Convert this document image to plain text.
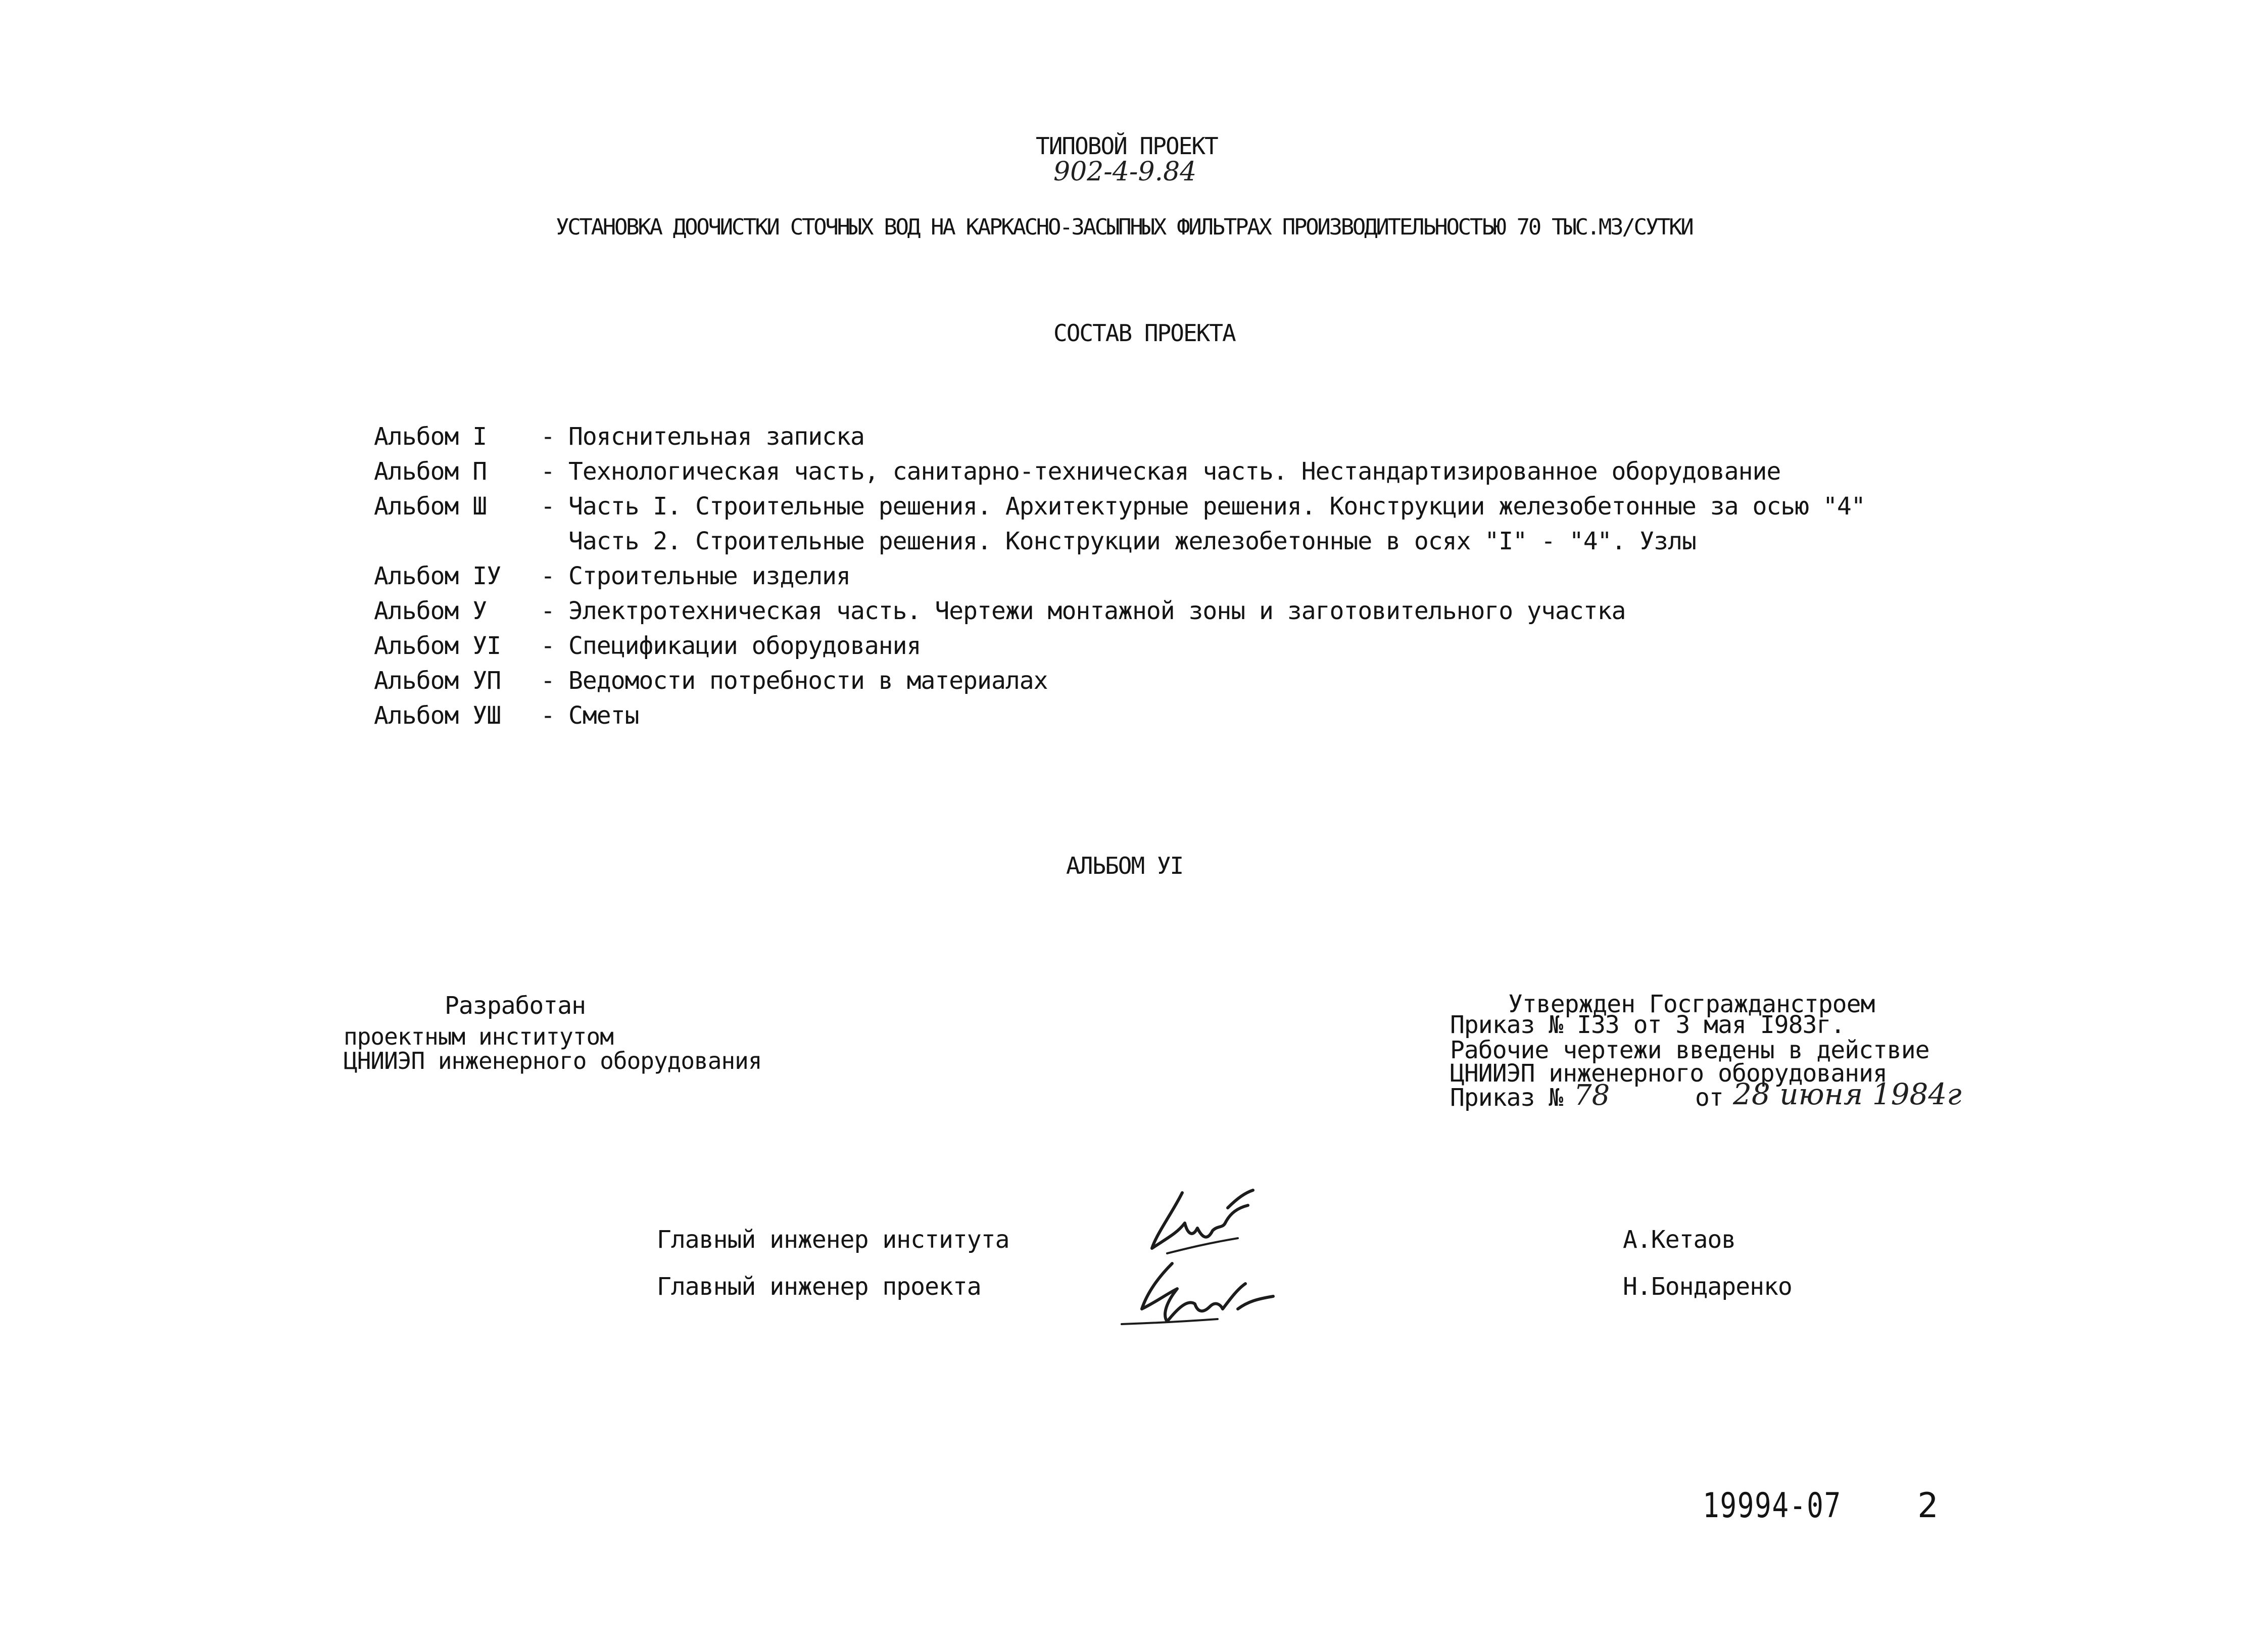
ТИПОВОЙ ПРОЕКТ
902-4-9.84
УСТАНОВКА ДООЧИСТКИ СТОЧНЫХ ВОД НА КАРКАСНО-ЗАСЫПНЫХ ФИЛЬТРАХ ПРОИЗВОДИТЕЛЬНОСТЬЮ 70 ТЫС.М3/СУТКИ
СОСТАВ ПРОЕКТА

Альбом I

-

Пояснительная записка

Альбом П

-

Технологическая часть, санитарно-техническая часть. Нестандартизированное оборудование

Альбом Ш

-

Часть I. Строительные решения. Архитектурные решения. Конструкции железобетонные за осью "4"

Часть 2. Строительные решения. Конструкции железобетонные в осях "I" - "4". Узлы

Альбом IУ

-

Строительные изделия

Альбом У

-

Электротехническая часть. Чертежи монтажной зоны и заготовительного участка

Альбом УI

-

Спецификации оборудования

Альбом УП

-

Ведомости потребности в материалах

Альбом УШ

-

Сметы

АЛЬБОМ УI
Разработан
проектным институтом
ЦНИИЭП инженерного оборудования
Утвержден Госгражданстроем
Приказ № I33 от 3 мая I983г.
Рабочие чертежи введены в действие
ЦНИИЭП инженерного оборудования
Приказ № 78	от 28 июня 1984г
Главный инженер института
Главный инженер проекта
А.Кетаов
Н.Бондаренко
19994-07 2
